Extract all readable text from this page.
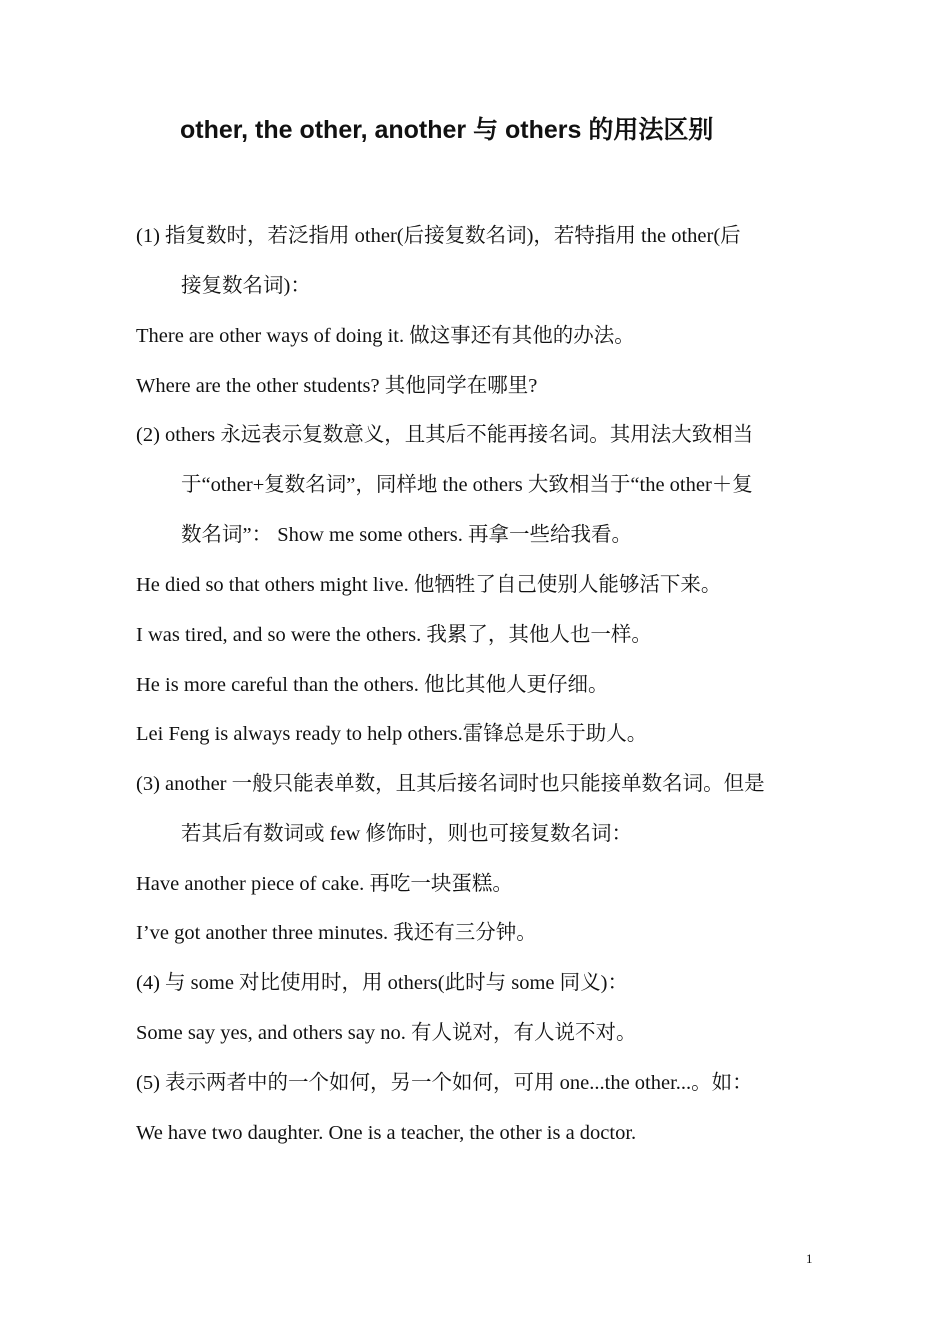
other, the other, another 与 others 的用法区别
(1) 指复数时，若泛指用 other(后接复数名词)，若特指用 the other(后
接复数名词)：
There are other ways of doing it. 做这事还有其他的办法。
Where are the other students? 其他同学在哪里?
(2) others 永远表示复数意义，且其后不能再接名词。其用法大致相当
于“other+复数名词”，同样地 the others 大致相当于“the other＋复
数名词”： Show me some others. 再拿一些给我看。
He died so that others might live. 他牺牲了自己使别人能够活下来。
I was tired, and so were the others. 我累了，其他人也一样。
He is more careful than the others. 他比其他人更仔细。
Lei Feng is always ready to help others.雷锋总是乐于助人。
(3) another 一般只能表单数，且其后接名词时也只能接单数名词。但是
若其后有数词或 few 修饰时，则也可接复数名词：
Have another piece of cake. 再吃一块蛋糕。
I’ve got another three minutes. 我还有三分钟。
(4) 与 some 对比使用时，用 others(此时与 some 同义)：
Some say yes, and others say no. 有人说对，有人说不对。
(5) 表示两者中的一个如何，另一个如何，可用 one...the other...。如：
We have two daughter. One is a teacher, the other is a doctor.
1
